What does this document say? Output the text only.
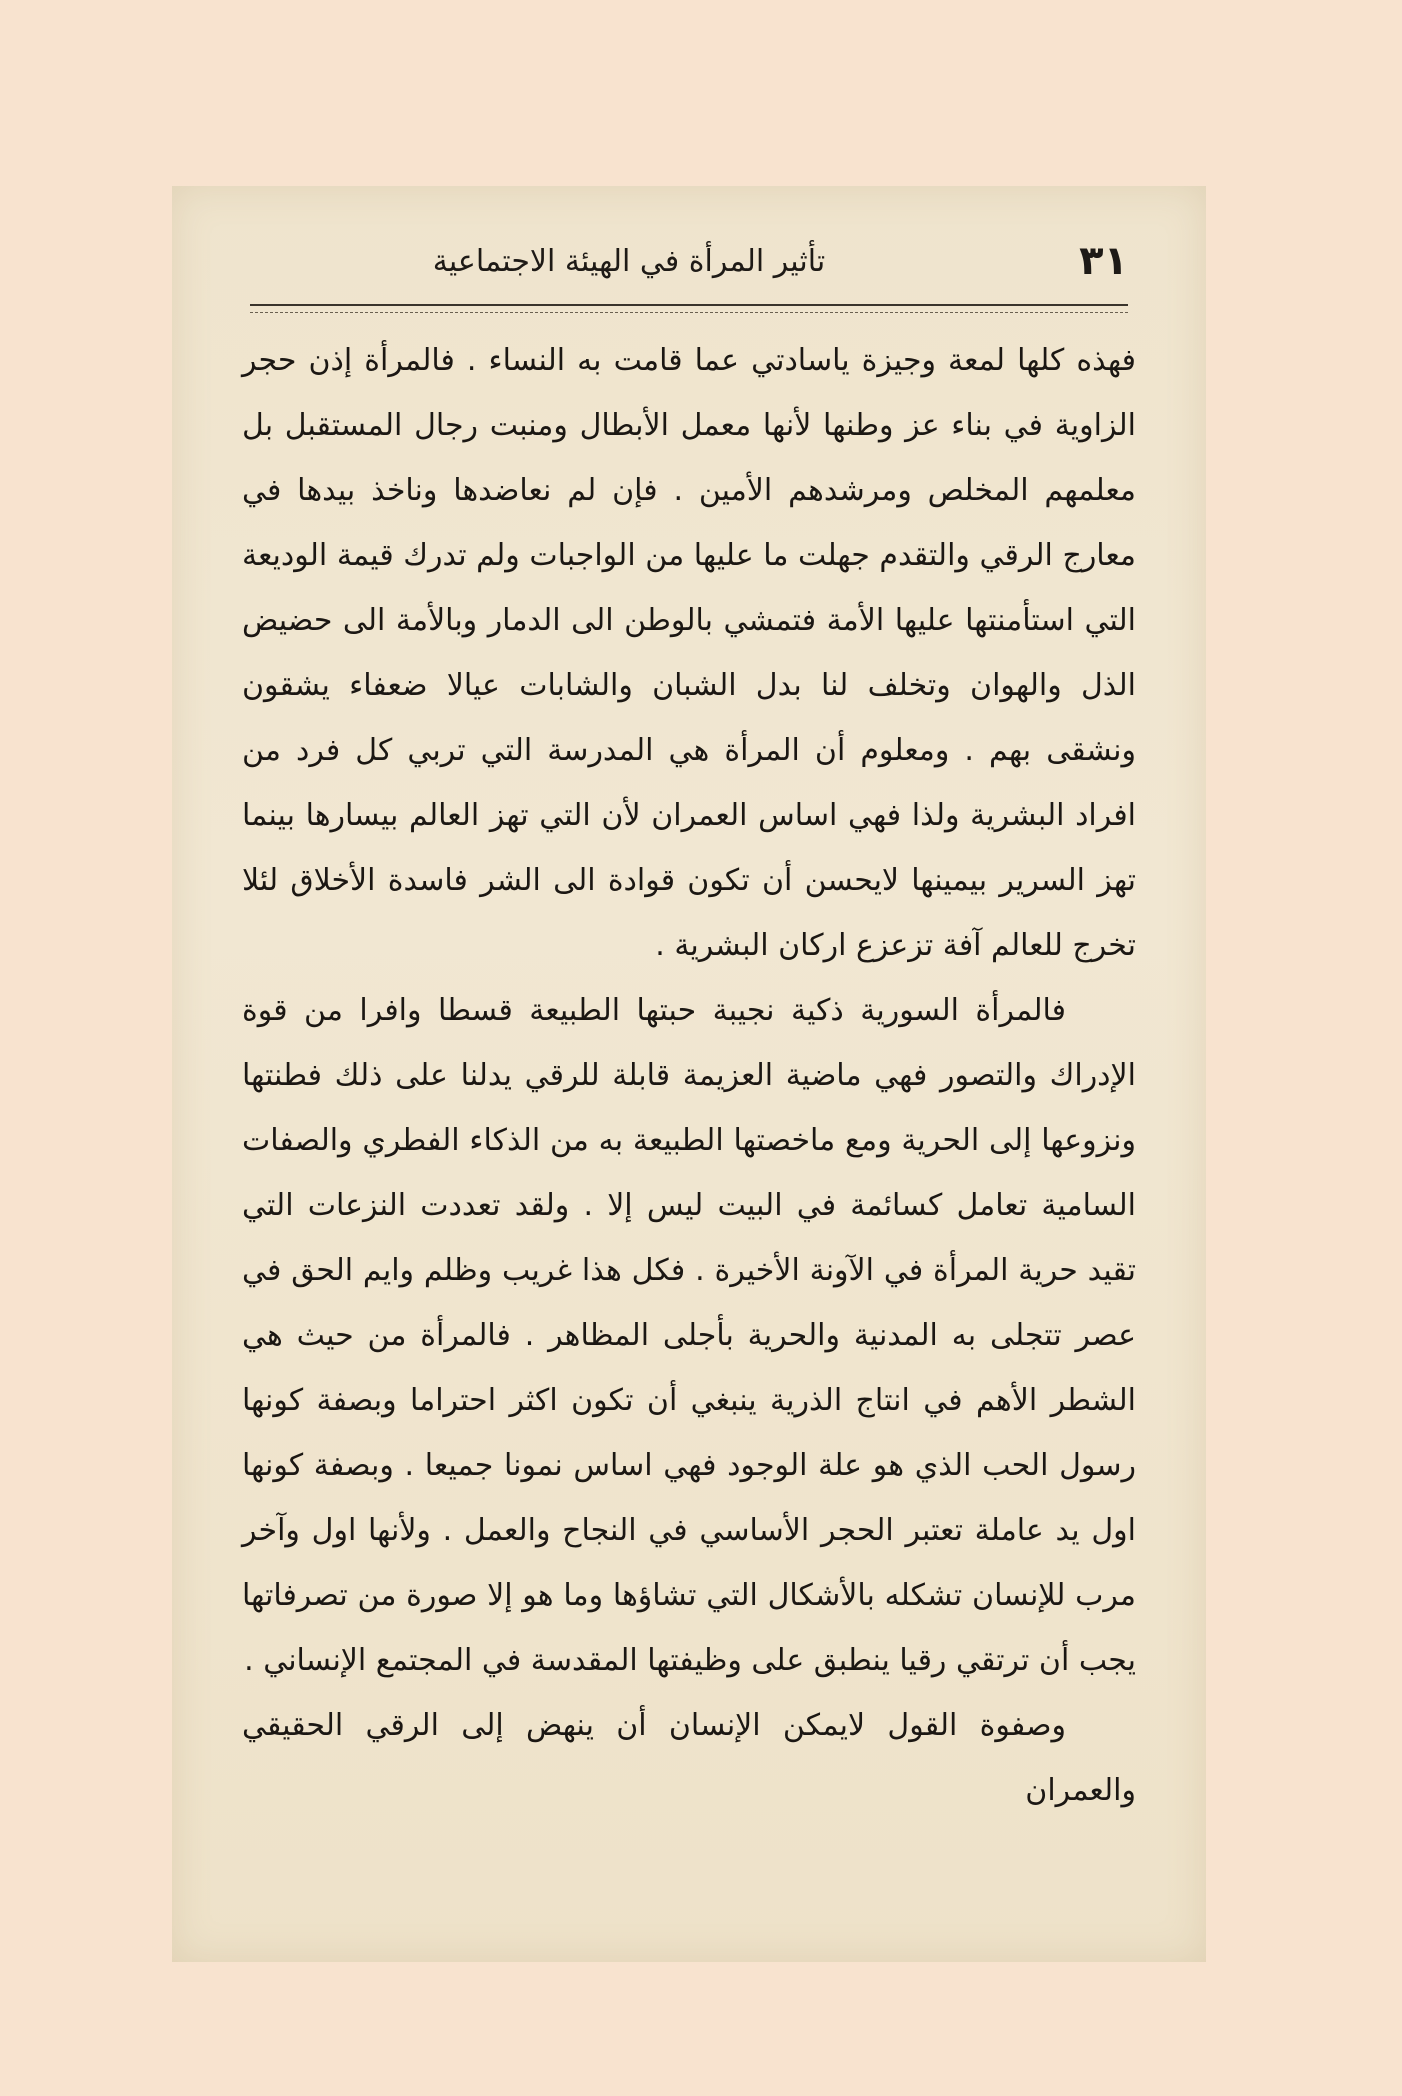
٣١
تأثير المرأة في الهيئة الاجتماعية

فهذه كلها لمعة وجيزة ياسادتي عما قامت به النساء . فالمرأة إذن حجر الزاوية في بناء عز وطنها لأنها معمل الأبطال ومنبت رجال المستقبل بل معلمهم المخلص ومرشدهم الأمين . فإن لم نعاضدها وناخذ بيدها في معارج الرقي والتقدم جهلت ما عليها من الواجبات ولم تدرك قيمة الوديعة التي استأمنتها عليها الأمة فتمشي بالوطن الى الدمار وبالأمة الى حضيض الذل والهوان وتخلف لنا بدل الشبان والشابات عيالا ضعفاء يشقون ونشقى بهم . ومعلوم أن المرأة هي المدرسة التي تربي كل فرد من افراد البشرية ولذا فهي اساس العمران لأن التي تهز العالم بيسارها بينما تهز السرير بيمينها لايحسن أن تكون قوادة الى الشر فاسدة الأخلاق لئلا تخرج للعالم آفة تزعزع اركان البشرية .

فالمرأة السورية ذكية نجيبة حبتها الطبيعة قسطا وافرا من قوة الإدراك والتصور فهي ماضية العزيمة قابلة للرقي يدلنا على ذلك فطنتها ونزوعها إلى الحرية ومع ماخصتها الطبيعة به من الذكاء الفطري والصفات السامية تعامل كسائمة في البيت ليس إلا . ولقد تعددت النزعات التي تقيد حرية المرأة في الآونة الأخيرة . فكل هذا غريب وظلم وايم الحق في عصر تتجلى به المدنية والحرية بأجلى المظاهر . فالمرأة من حيث هي الشطر الأهم في انتاج الذرية ينبغي أن تكون اكثر احتراما وبصفة كونها رسول الحب الذي هو علة الوجود فهي اساس نمونا جميعا . وبصفة كونها اول يد عاملة تعتبر الحجر الأساسي في النجاح والعمل . ولأنها اول وآخر مرب للإنسان تشكله بالأشكال التي تشاؤها وما هو إلا صورة من تصرفاتها يجب أن ترتقي رقيا ينطبق على وظيفتها المقدسة في المجتمع الإنساني .

وصفوة القول لايمكن الإنسان أن ينهض إلى الرقي الحقيقي والعمران
